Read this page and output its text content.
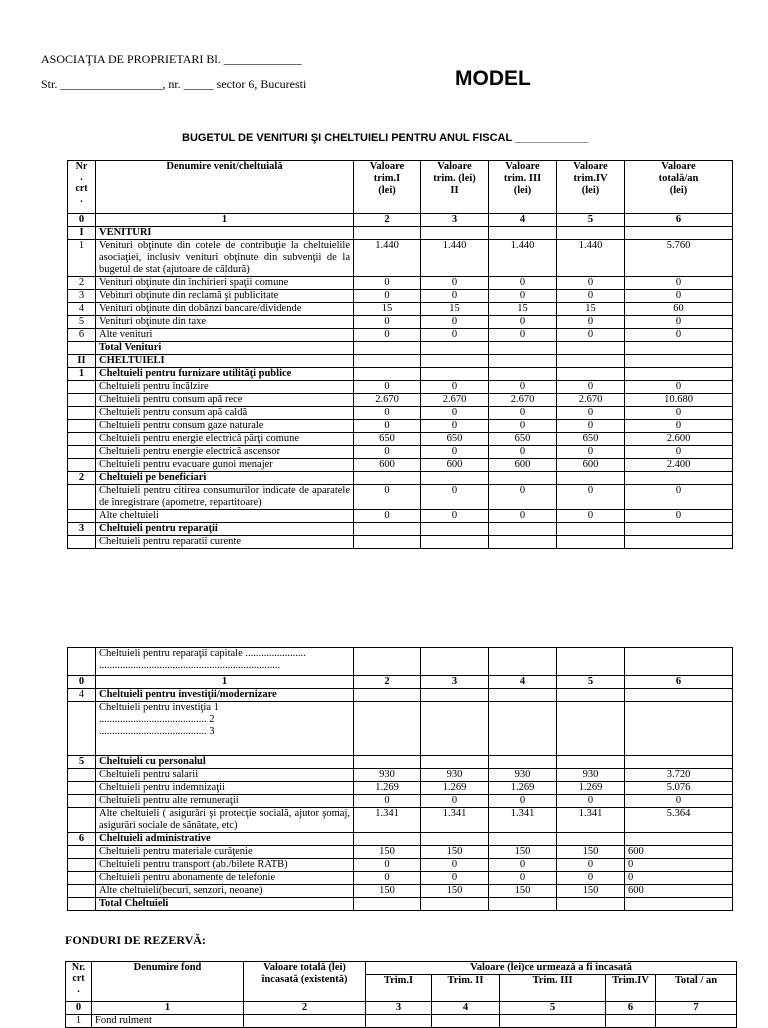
ASOCIAŢIA DE PROPRIETARI Bl. _____________
Str. _________________, nr. _____ sector 6, Bucuresti	MODEL
BUGETUL DE VENITURI ŞI CHELTUIELI PENTRU ANUL FISCAL ____________
Nr
.
crt
.	Denumire venit/cheltuială	Valoare
trim.I
(lei)	Valoare
trim. (lei)
II	Valoare
trim. III
(lei)	Valoare
trim.IV
(lei)	Valoare
totală/an
(lei)
0	1	2	3	4	5	6
I	VENITURI					
1	Venituri obţinute din cotele de contribuţie la cheltuielile asociaţiei, inclusiv venituri obţinute din subvenţii de la bugetul de stat (ajutoare de căldură)	1.440	1.440	1.440	1.440	5.760
2	Venituri obţinute din închirieri spaţii comune	0	0	0	0	0
3	Vebituri obţinute din reclamă şi publicitate	0	0	0	0	0
4	Venituri obţinute din dobânzi bancare/dividende	15	15	15	15	60
5	Venituri obţinute din taxe	0	0	0	0	0
6	Alte venituri	0	0	0	0	0
	Total Venituri					
II	CHELTUIELI					
1	Cheltuieli pentru furnizare utilităţi publice					
	Cheltuieli pentru încălzire	0	0	0	0	0
	Cheltuieli pentru consum apă rece	2.670	2.670	2.670	2.670	10.680
	Cheltuieli pentru consum apă caldă	0	0	0	0	0
	Cheltuieli pentru consum gaze naturale	0	0	0	0	0
	Cheltuieli pentru energie electrică părţi comune	650	650	650	650	2.600
	Cheltuieli pentru energie electrică ascensor	0	0	0	0	0
	Cheltuieli pentru evacuare gunoi menajer	600	600	600	600	2.400
2	Cheltuieli pe beneficiari					
	Cheltuieli pentru citirea consumurilor indicate de aparatele de înregistrare (apometre, repartitoare)	0	0	0	0	0
	Alte cheltuieli	0	0	0	0	0
3	Cheltuieli pentru reparaţii					
	Cheltuieli pentru reparatii curente					
	Cheltuieli pentru reparaţii capitale .......................
.....................................................................					
0	1	2	3	4	5	6
4	Cheltuieli pentru investiţii/modernizare					
	Cheltuieli pentru investiţia 1
......................................... 2
......................................... 3					
5	Cheltuieli cu personalul					
	Cheltuieli pentru salarii	930	930	930	930	3.720
	Cheltuieli pentru indemnizaţii	1.269	1.269	1.269	1.269	5.076
	Cheltuieli pentru alte remuneraţii	0	0	0	0	0
	Alte cheltuieli ( asigurări şi protecţie socială, ajutor şomaj, asigurări sociale de sănătate, etc)	1.341	1.341	1.341	1.341	5.364
6	Cheltuieli administrative					
	Cheltuieli pentru materiale curăţenie	150	150	150	150	600
	Cheltuieli pentru transport (ab./bilete RATB)	0	0	0	0	0
	Cheltuieli pentru abonamente de telefonie	0	0	0	0	0
	Alte cheltuieli(becuri, senzori, neoane)	150	150	150	150	600
	Total Cheltuieli					
FONDURI DE REZERVĂ:
Nr.
crt
.	Denumire fond	Valoare totală (lei)
încasată (existentă)	Valoare (lei)ce urmează a fi incasată				
			Trim.I	Trim. II	Trim. III	Trim.IV	Total / an
0	1	2	3	4	5	6	7
1	Fond rulment						
